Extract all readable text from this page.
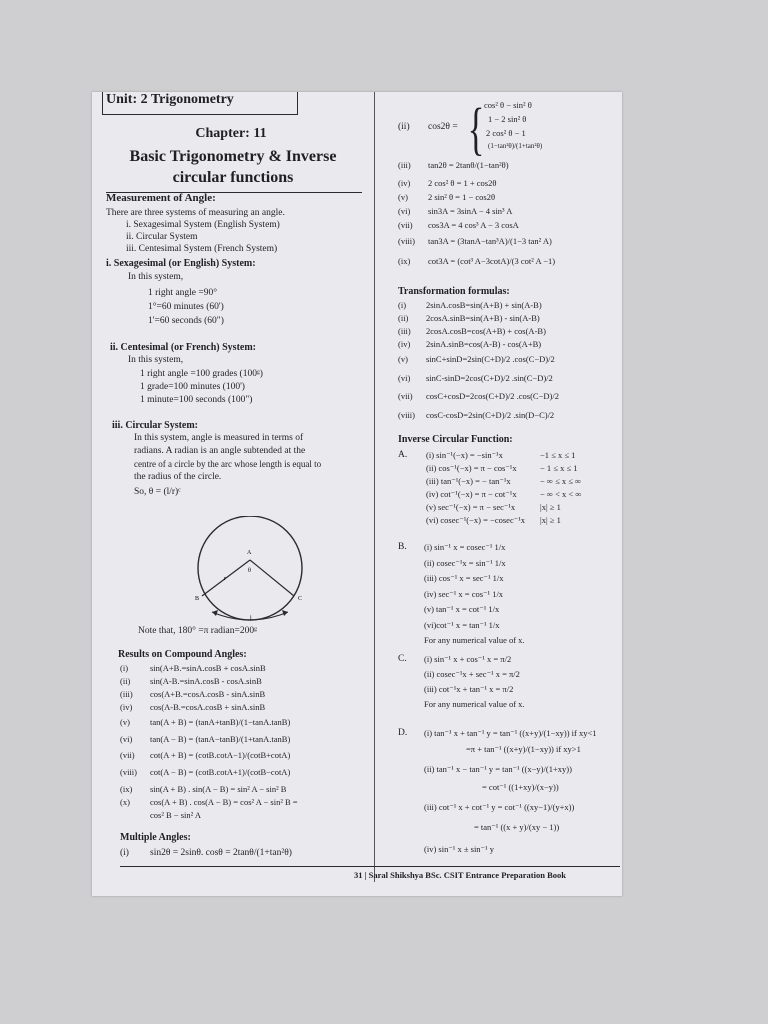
Unit: 2 Trigonometry
Chapter: 11
Basic Trigonometry & Inverse circular functions
Measurement of Angle:
There are three systems of measuring an angle.
i. Sexagesimal System (English System)
ii. Circular System
iii. Centesimal System (French System)
i. Sexagesimal (or English) System:
In this system,
1 right angle =90°
1°=60 minutes (60')
1'=60 seconds (60")
ii. Centesimal (or French) System:
In this system,
1 right angle =100 grades (100ᵍ)
1 grade=100 minutes (100')
1 minute=100 seconds (100")
iii. Circular System:
In this system, angle is measured in terms of
radians. A radian is an angle subtended at the
centre of a circle by the arc whose length is equal to
the radius of the circle.
So, θ = (l/r)ᶜ
A
B	C
r
θ
l
Note that, 180° =π radian=200ᵍ
Results on Compound Angles:
Multiple Angles:
(i) sin2θ = 2sinθ. cosθ = 2tanθ/(1+tan²θ)
(ii) cos2θ = { cos² θ − sin² θ
1 − 2 sin² θ
2 cos² θ − 1
(1−tan²θ)/(1+tan²θ)
Transformation formulas:
Inverse Circular Function:
A.
B.
C.
D.
31 | Saral Shikshya BSc. CSIT Entrance Preparation Book
(i)	sin(A+B.=sinA.cosB + cosA.sinB
(ii) sin(A-B.=sinA.cosB - cosA.sinB
(iii) cos(A+B.=cosA.cosB - sinA.sinB
(iv) cos(A-B.=cosA.cosB + sinA.sinB
(v) tan(A + B) = (tanA+tanB)/(1−tanA.tanB)
(vi) tan(A − B) = (tanA−tanB)/(1+tanA.tanB)
(vii) cot(A + B) = (cotB.cotA−1)/(cotB+cotA)
(viii) cot(A − B) = (cotB.cotA+1)/(cotB−cotA)
(ix) sin(A + B) . sin(A − B) = sin² A − sin² B
(x) cos(A + B) . cos(A − B) = cos² A − sin² B =
cos² B − sin² A
(iii) tan2θ = 2tanθ/(1−tan²θ)
(iv) 2 cos² θ = 1 + cos2θ
(v) 2 sin² θ = 1 − cos2θ
(vi) sin3A = 3sinA − 4 sin³ A
(vii) cos3A = 4 cos³ A − 3 cosA
(viii) tan3A = (3tanA−tan³A)/(1−3 tan² A)
(ix) cot3A = (cot³ A−3cotA)/(3 cot² A −1)
(i) 2sinA.cosB=sin(A+B) + sin(A-B)
(ii) 2cosA.sinB=sin(A+B) - sin(A-B)
(iii) 2cosA.cosB=cos(A+B) + cos(A-B)
(iv) 2sinA.sinB=cos(A-B) - cos(A+B)
(v) sinC+sinD=2sin(C+D)/2 .cos(C−D)/2
(vi) sinC-sinD=2cos(C+D)/2 .sin(C−D)/2
(vii) cosC+cosD=2cos(C+D)/2 .cos(C−D)/2
(viii) cosC-cosD=2sin(C+D)/2 .sin(D−C)/2
(i) sin⁻¹(−x) = −sin⁻¹x	−1 ≤ x ≤ 1
(ii) cos⁻¹(−x) = π − cos⁻¹x	− 1 ≤ x ≤ 1
(iii) tan⁻¹(−x) = − tan⁻¹x	− ∞ ≤ x ≤ ∞
(iv) cot⁻¹(−x) = π − cot⁻¹x	− ∞ < x < ∞
(v) sec⁻¹(−x) = π − sec⁻¹x	|x| ≥ 1
(vi) cosec⁻¹(−x) = −cosec⁻¹x |x| ≥ 1
(i) sin⁻¹ x = cosec⁻¹ 1/x
(ii) cosec⁻¹x = sin⁻¹ 1/x
(iii) cos⁻¹ x = sec⁻¹ 1/x
(iv) sec⁻¹ x = cos⁻¹ 1/x
(v) tan⁻¹ x = cot⁻¹ 1/x
(vi)cot⁻¹ x = tan⁻¹ 1/x
For any numerical value of x.
(i) sin⁻¹ x + cos⁻¹ x = π/2
(ii) cosec⁻¹x + sec⁻¹ x = π/2
(iii) cot⁻¹x + tan⁻¹ x = π/2
For any numerical value of x.
(i) tan⁻¹ x + tan⁻¹ y = tan⁻¹ ((x+y)/(1−xy)) if xy<1
=π + tan⁻¹ ((x+y)/(1−xy)) if xy>1
(ii) tan⁻¹ x − tan⁻¹ y = tan⁻¹ ((x−y)/(1+xy))
= cot⁻¹ ((1+xy)/(x−y))
(iii) cot⁻¹ x + cot⁻¹ y = cot⁻¹ ((xy−1)/(y+x))
= tan⁻¹ ((x + y)/(xy − 1))
(iv) sin⁻¹ x ± sin⁻¹ y
